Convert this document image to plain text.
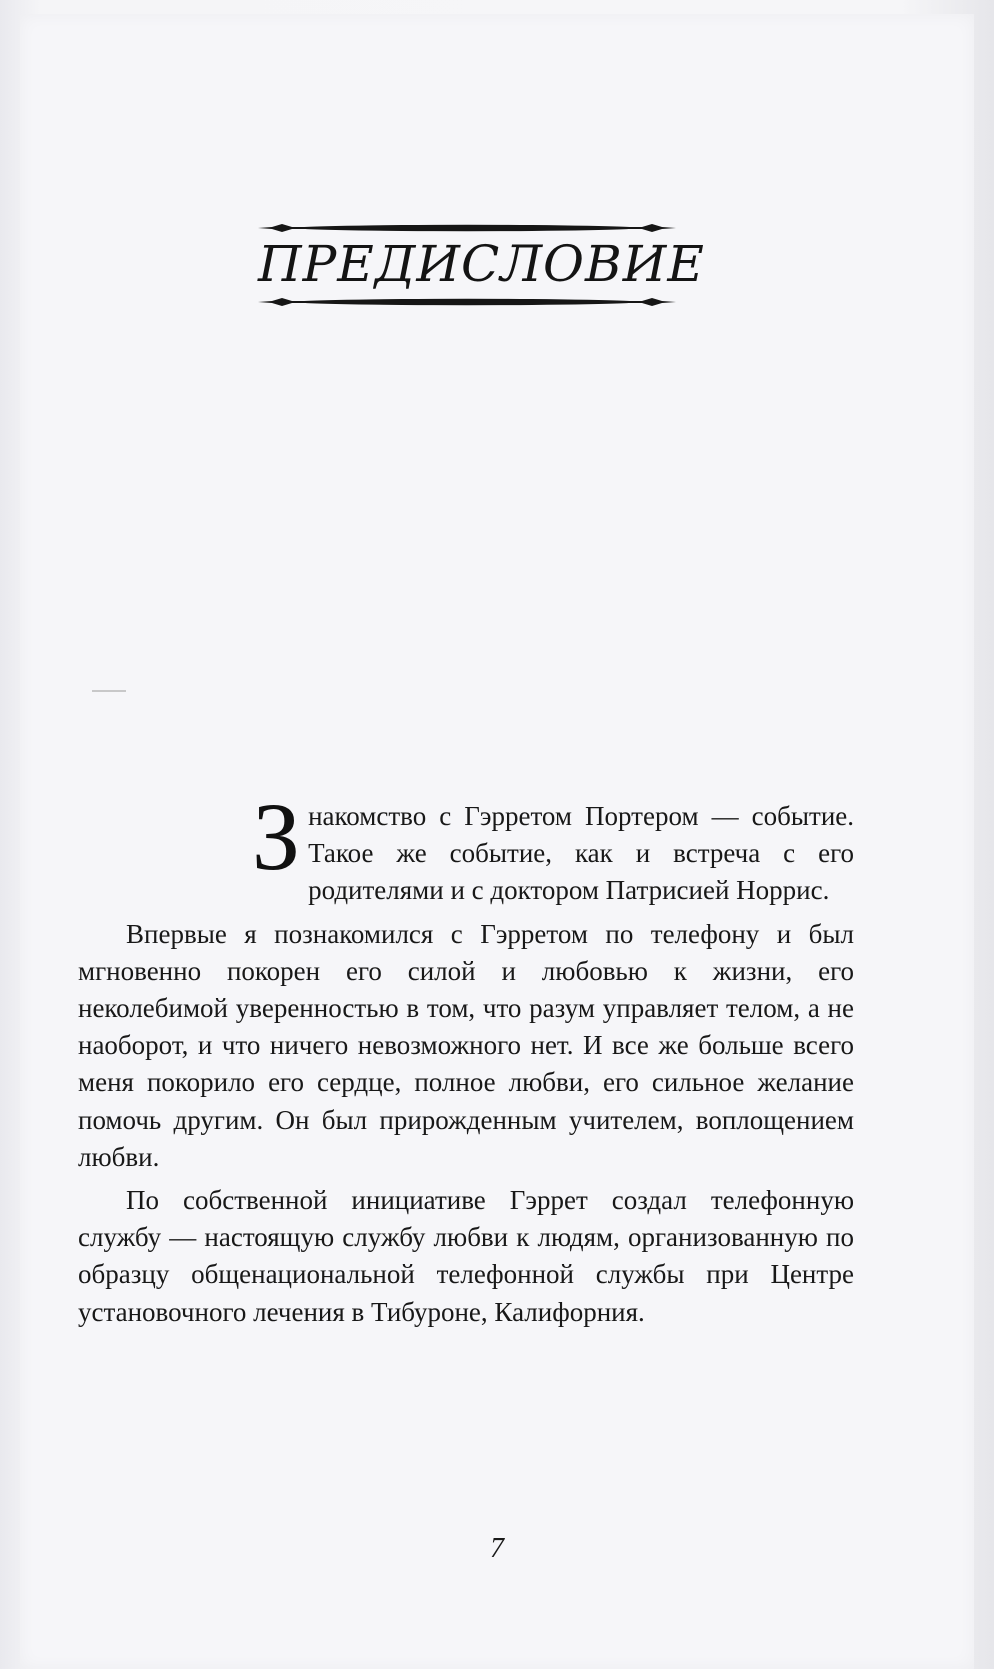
ПРЕДИСЛОВИЕ

Знакомство с Гэрретом Портером — событие. Такое же событие, как и встреча с его родителями и с доктором Патрисией Норрис.

Впервые я познакомился с Гэрретом по телефону и был мгновенно покорен его силой и любовью к жизни, его неколебимой уверенностью в том, что разум управляет телом, а не наоборот, и что ничего невозможного нет. И все же больше всего меня покорило его сердце, полное любви, его сильное желание помочь другим. Он был прирожденным учителем, воплощением любви.

По собственной инициативе Гэррет создал телефонную службу — настоящую службу любви к людям, организованную по образцу общенациональной телефонной службы при Центре установочного лечения в Тибуроне, Калифорния.

7
